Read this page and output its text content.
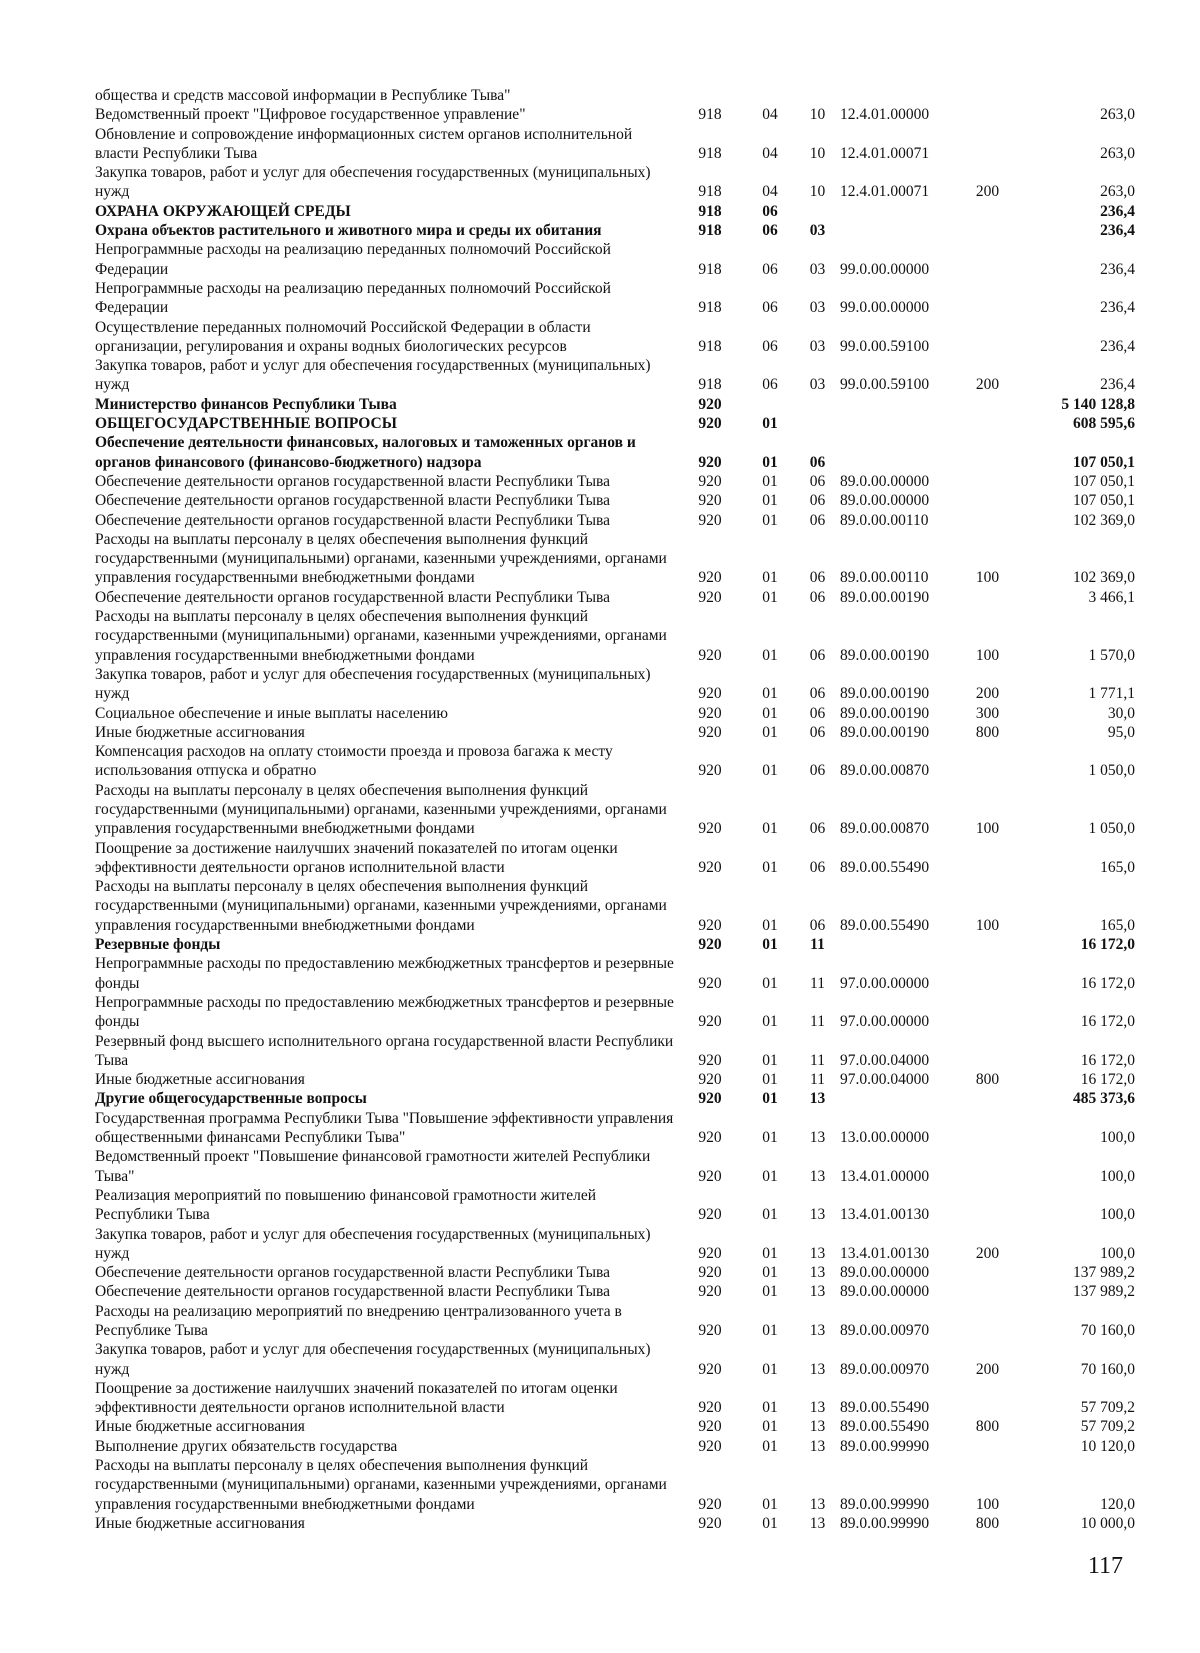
общества и средств массовой информации в Республике Тыва"						
Ведомственный проект "Цифровое государственное управление"	918	04	10	12.4.01.00000		263,0
Обновление и сопровождение информационных систем органов исполнительной власти Республики Тыва	918	04	10	12.4.01.00071		263,0
Закупка товаров, работ и услуг для обеспечения государственных (муниципальных) нужд	918	04	10	12.4.01.00071	200	263,0
ОХРАНА ОКРУЖАЮЩЕЙ СРЕДЫ	918	06				236,4
Охрана объектов растительного и животного мира и среды их обитания	918	06	03			236,4
Непрограммные расходы на реализацию переданных полномочий Российской Федерации	918	06	03	99.0.00.00000		236,4
Непрограммные расходы на реализацию переданных полномочий Российской Федерации	918	06	03	99.0.00.00000		236,4
Осуществление переданных полномочий Российской Федерации в области организации, регулирования и охраны водных биологических ресурсов	918	06	03	99.0.00.59100		236,4
Закупка товаров, работ и услуг для обеспечения государственных (муниципальных) нужд	918	06	03	99.0.00.59100	200	236,4
Министерство финансов Республики Тыва	920					5 140 128,8
ОБЩЕГОСУДАРСТВЕННЫЕ ВОПРОСЫ	920	01				608 595,6
Обеспечение деятельности финансовых, налоговых и таможенных органов и органов финансового (финансово-бюджетного) надзора	920	01	06			107 050,1
Обеспечение деятельности органов государственной власти Республики Тыва	920	01	06	89.0.00.00000		107 050,1
Обеспечение деятельности органов государственной власти Республики Тыва	920	01	06	89.0.00.00000		107 050,1
Обеспечение деятельности органов государственной власти Республики Тыва	920	01	06	89.0.00.00110		102 369,0
Расходы на выплаты персоналу в целях обеспечения выполнения функций государственными (муниципальными) органами, казенными учреждениями, органами управления государственными внебюджетными фондами	920	01	06	89.0.00.00110	100	102 369,0
Обеспечение деятельности органов государственной власти Республики Тыва	920	01	06	89.0.00.00190		3 466,1
Расходы на выплаты персоналу в целях обеспечения выполнения функций государственными (муниципальными) органами, казенными учреждениями, органами управления государственными внебюджетными фондами	920	01	06	89.0.00.00190	100	1 570,0
Закупка товаров, работ и услуг для обеспечения государственных (муниципальных) нужд	920	01	06	89.0.00.00190	200	1 771,1
Социальное обеспечение и иные выплаты населению	920	01	06	89.0.00.00190	300	30,0
Иные бюджетные ассигнования	920	01	06	89.0.00.00190	800	95,0
Компенсация расходов на оплату стоимости проезда и провоза багажа к месту использования отпуска и обратно	920	01	06	89.0.00.00870		1 050,0
Расходы на выплаты персоналу в целях обеспечения выполнения функций государственными (муниципальными) органами, казенными учреждениями, органами управления государственными внебюджетными фондами	920	01	06	89.0.00.00870	100	1 050,0
Поощрение за достижение наилучших значений показателей по итогам оценки эффективности деятельности органов исполнительной власти	920	01	06	89.0.00.55490		165,0
Расходы на выплаты персоналу в целях обеспечения выполнения функций государственными (муниципальными) органами, казенными учреждениями, органами управления государственными внебюджетными фондами	920	01	06	89.0.00.55490	100	165,0
Резервные фонды	920	01	11			16 172,0
Непрограммные расходы по предоставлению межбюджетных трансфертов и резервные фонды	920	01	11	97.0.00.00000		16 172,0
Непрограммные расходы по предоставлению межбюджетных трансфертов и резервные фонды	920	01	11	97.0.00.00000		16 172,0
Резервный фонд высшего исполнительного органа государственной власти Республики Тыва	920	01	11	97.0.00.04000		16 172,0
Иные бюджетные ассигнования	920	01	11	97.0.00.04000	800	16 172,0
Другие общегосударственные вопросы	920	01	13			485 373,6
Государственная программа Республики Тыва "Повышение эффективности управления общественными финансами Республики Тыва"	920	01	13	13.0.00.00000		100,0
Ведомственный проект "Повышение финансовой грамотности жителей Республики Тыва"	920	01	13	13.4.01.00000		100,0
Реализация мероприятий по повышению финансовой грамотности жителей Республики Тыва	920	01	13	13.4.01.00130		100,0
Закупка товаров, работ и услуг для обеспечения государственных (муниципальных) нужд	920	01	13	13.4.01.00130	200	100,0
Обеспечение деятельности органов государственной власти Республики Тыва	920	01	13	89.0.00.00000		137 989,2
Обеспечение деятельности органов государственной власти Республики Тыва	920	01	13	89.0.00.00000		137 989,2
Расходы на реализацию мероприятий по внедрению централизованного учета в Республике Тыва	920	01	13	89.0.00.00970		70 160,0
Закупка товаров, работ и услуг для обеспечения государственных (муниципальных) нужд	920	01	13	89.0.00.00970	200	70 160,0
Поощрение за достижение наилучших значений показателей по итогам оценки эффективности деятельности органов исполнительной власти	920	01	13	89.0.00.55490		57 709,2
Иные бюджетные ассигнования	920	01	13	89.0.00.55490	800	57 709,2
Выполнение других обязательств государства	920	01	13	89.0.00.99990		10 120,0
Расходы на выплаты персоналу в целях обеспечения выполнения функций государственными (муниципальными) органами, казенными учреждениями, органами управления государственными внебюджетными фондами	920	01	13	89.0.00.99990	100	120,0
Иные бюджетные ассигнования	920	01	13	89.0.00.99990	800	10 000,0
117
